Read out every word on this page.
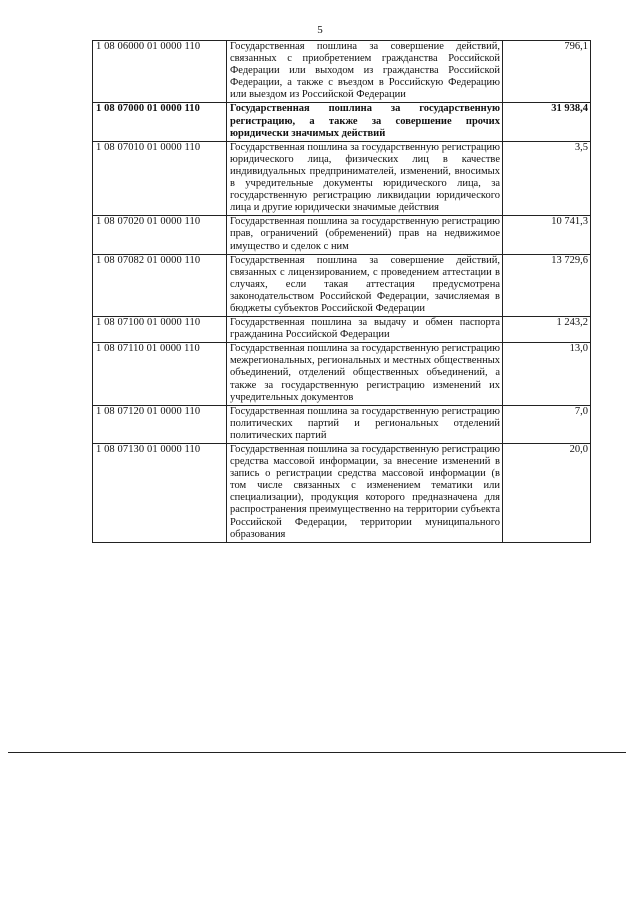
5
1 08 06000 01 0000 110	Государственная пошлина за совершение действий, связанных с приобретением гражданства Российской Федерации или выходом из гражданства Российской Федерации, а также с въездом в Российскую Федерацию или выездом из Российской Федерации	796,1
1 08 07000 01 0000 110	Государственная пошлина за государственную регистрацию, а также за совершение прочих юридически значимых действий	31 938,4
1 08 07010 01 0000 110	Государственная пошлина за государственную регистрацию юридического лица, физических лиц в качестве индивидуальных предпринимателей, изменений, вносимых в учредительные документы юридического лица, за государственную регистрацию ликвидации юридического лица и другие юридически значимые действия	3,5
1 08 07020 01 0000 110	Государственная пошлина за государственную регистрацию прав, ограничений (обременений) прав на недвижимое имущество и сделок с ним	10 741,3
1 08 07082 01 0000 110	Государственная пошлина за совершение действий, связанных с лицензированием, с проведением аттестации в случаях, если такая аттестация предусмотрена законодательством Российской Федерации, зачисляемая в бюджеты субъектов Российской Федерации	13 729,6
1 08 07100 01 0000 110	Государственная пошлина за выдачу и обмен паспорта гражданина Российской Федерации	1 243,2
1 08 07110 01 0000 110	Государственная пошлина за государственную регистрацию межрегиональных, региональных и местных общественных объединений, отделений общественных объединений, а также за государственную регистрацию изменений их учредительных документов	13,0
1 08 07120 01 0000 110	Государственная пошлина за государственную регистрацию политических партий и региональных отделений политических партий	7,0
1 08 07130 01 0000 110	Государственная пошлина за государственную регистрацию средства массовой информации, за внесение изменений в запись о регистрации средства массовой информации (в том числе связанных с изменением тематики или специализации), продукция которого предназначена для распространения преимущественно на территории субъекта Российской Федерации, территории муниципального образования	20,0
